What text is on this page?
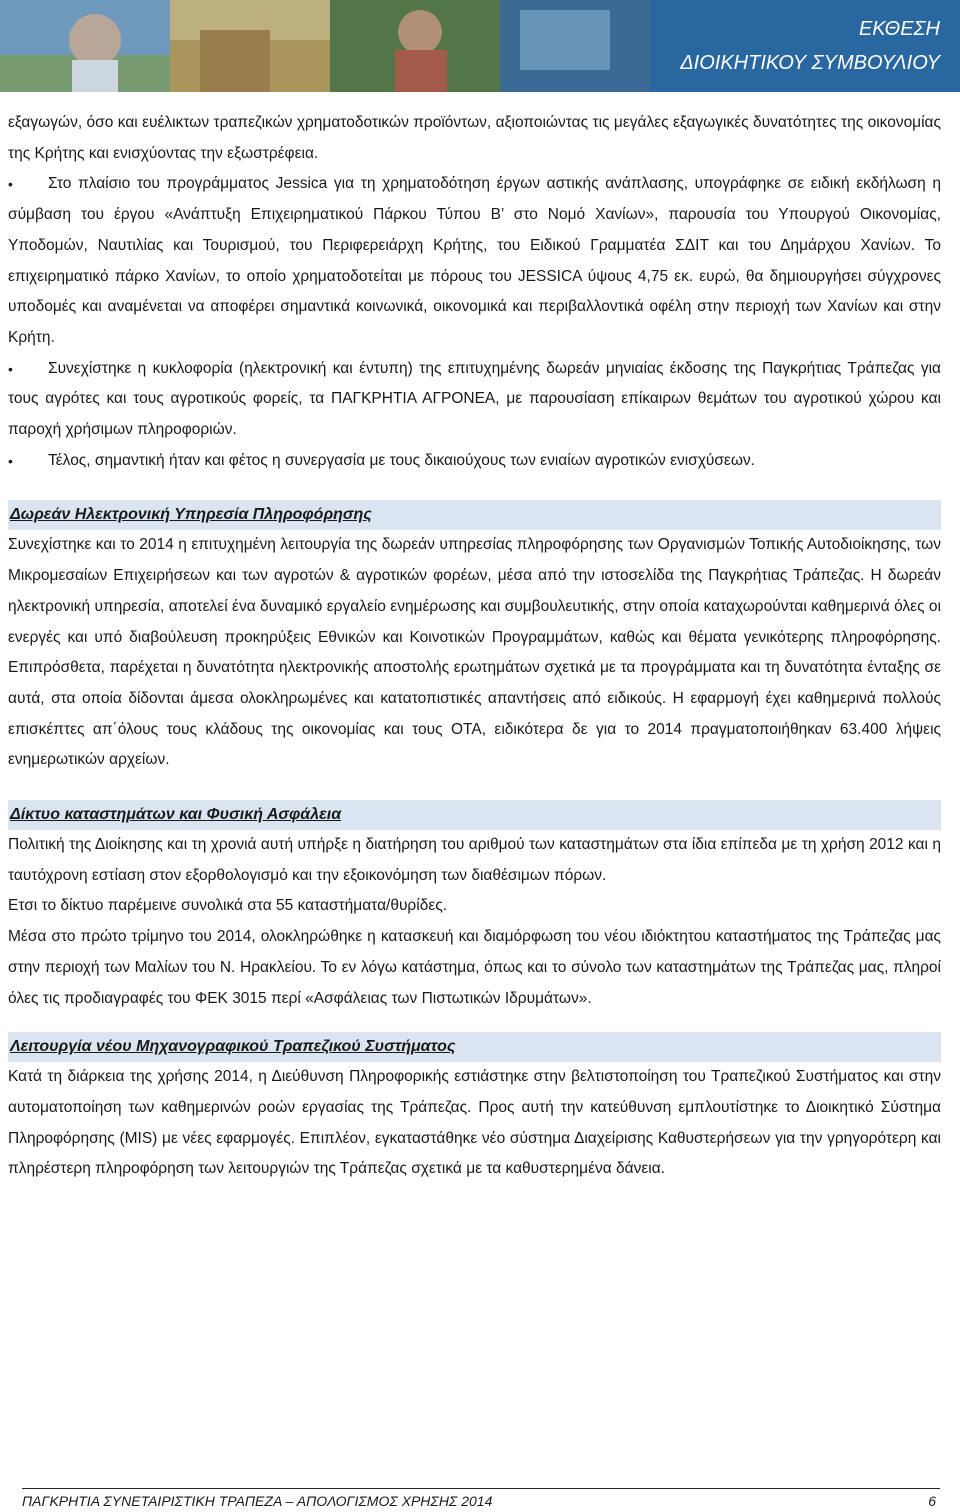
ΕΚΘΕΣΗ
ΔΙΟΙΚΗΤΙΚΟΥ ΣΥΜΒΟΥΛΙΟΥ

εξαγωγών, όσο και ευέλικτων τραπεζικών χρηματοδοτικών προϊόντων, αξιοποιώντας τις μεγάλες εξαγωγικές δυνατότητες της οικονομίας της Κρήτης και ενισχύοντας την εξωστρέφεια.

•	Στο πλαίσιο του προγράμματος Jessica για τη χρηματοδότηση έργων αστικής ανάπλασης, υπογράφηκε σε ειδική εκδήλωση η σύμβαση του έργου «Ανάπτυξη Επιχειρηματικού Πάρκου Τύπου Β’ στο Νομό Χανίων», παρουσία του Υπουργού Οικονομίας, Υποδομών, Ναυτιλίας και Τουρισμού, του Περιφερειάρχη Κρήτης, του Ειδικού Γραμματέα ΣΔΙΤ και του Δημάρχου Χανίων. Το επιχειρηματικό πάρκο Χανίων, το οποίο χρηματοδοτείται με πόρους του JESSICA ύψους 4,75 εκ. ευρώ, θα δημιουργήσει σύγχρονες υποδομές και αναμένεται να αποφέρει σημαντικά κοινωνικά, οικονομικά και περιβαλλοντικά οφέλη στην περιοχή των Χανίων και στην Κρήτη.
•	Συνεχίστηκε η κυκλοφορία (ηλεκτρονική και έντυπη) της επιτυχημένης δωρεάν μηνιαίας έκδοσης της Παγκρήτιας Τράπεζας για τους αγρότες και τους αγροτικούς φορείς, τα ΠΑΓΚΡΗΤΙΑ ΑΓΡΟΝΕΑ, με παρουσίαση επίκαιρων θεμάτων του αγροτικού χώρου και παροχή χρήσιμων πληροφοριών.
•	Τέλος, σημαντική ήταν και φέτος η συνεργασία με τους δικαιούχους των ενιαίων αγροτικών ενισχύσεων.
Δωρεάν Ηλεκτρονική Υπηρεσία Πληροφόρησης

Συνεχίστηκε και το 2014 η επιτυχημένη λειτουργία της δωρεάν υπηρεσίας πληροφόρησης των Οργανισμών Τοπικής Αυτοδιοίκησης, των Μικρομεσαίων Επιχειρήσεων και των αγροτών & αγροτικών φορέων, μέσα από την ιστοσελίδα της Παγκρήτιας Τράπεζας. Η δωρεάν ηλεκτρονική υπηρεσία, αποτελεί ένα δυναμικό εργαλείο ενημέρωσης και συμβουλευτικής, στην οποία καταχωρούνται καθημερινά όλες οι ενεργές και υπό διαβούλευση προκηρύξεις Εθνικών και Κοινοτικών Προγραμμάτων, καθώς και θέματα γενικότερης πληροφόρησης. Επιπρόσθετα, παρέχεται η δυνατότητα ηλεκτρονικής αποστολής ερωτημάτων σχετικά με τα προγράμματα και τη δυνατότητα ένταξης σε αυτά, στα οποία δίδονται άμεσα ολοκληρωμένες και κατατοπιστικές απαντήσεις από ειδικούς. Η εφαρμογή έχει καθημερινά πολλούς επισκέπτες απ΄όλους τους κλάδους της οικονομίας και τους ΟΤΑ, ειδικότερα δε για το 2014 πραγματοποιήθηκαν 63.400 λήψεις ενημερωτικών αρχείων.

Δίκτυο καταστημάτων και Φυσική Ασφάλεια

Πολιτική της Διοίκησης και τη χρονιά αυτή υπήρξε η διατήρηση του αριθμού των καταστημάτων στα ίδια επίπεδα με τη χρήση 2012 και η ταυτόχρονη εστίαση στον εξορθολογισμό και την εξοικονόμηση των διαθέσιμων πόρων.

Ετσι το δίκτυο παρέμεινε συνολικά στα 55 καταστήματα/θυρίδες.

Μέσα στο πρώτο τρίμηνο του 2014, ολοκληρώθηκε η κατασκευή και διαμόρφωση του νέου ιδιόκτητου καταστήματος της Τράπεζας μας στην περιοχή των Μαλίων του Ν. Ηρακλείου. Το εν λόγω κατάστημα, όπως και το σύνολο των καταστημάτων της Τράπεζας μας, πληροί όλες τις προδιαγραφές του ΦΕΚ 3015 περί «Ασφάλειας των Πιστωτικών Ιδρυμάτων».

Λειτουργία νέου Μηχανογραφικού Τραπεζικού Συστήματος

Κατά τη διάρκεια της χρήσης 2014, η Διεύθυνση Πληροφορικής εστιάστηκε στην βελτιστοποίηση του Τραπεζικού Συστήματος και στην αυτοματοποίηση των καθημερινών ροών εργασίας της Τράπεζας. Προς αυτή την κατεύθυνση εμπλουτίστηκε το Διοικητικό Σύστημα Πληροφόρησης (MIS) με νέες εφαρμογές. Επιπλέον, εγκαταστάθηκε νέο σύστημα Διαχείρισης Καθυστερήσεων για την γρηγορότερη και πληρέστερη πληροφόρηση των λειτουργιών της Τράπεζας σχετικά με τα καθυστερημένα δάνεια.

ΠΑΓΚΡΗΤΙΑ ΣΥΝΕΤΑΙΡΙΣΤΙΚΗ ΤΡΑΠΕΖΑ – ΑΠΟΛΟΓΙΣΜΟΣ ΧΡΗΣΗΣ 2014	6
